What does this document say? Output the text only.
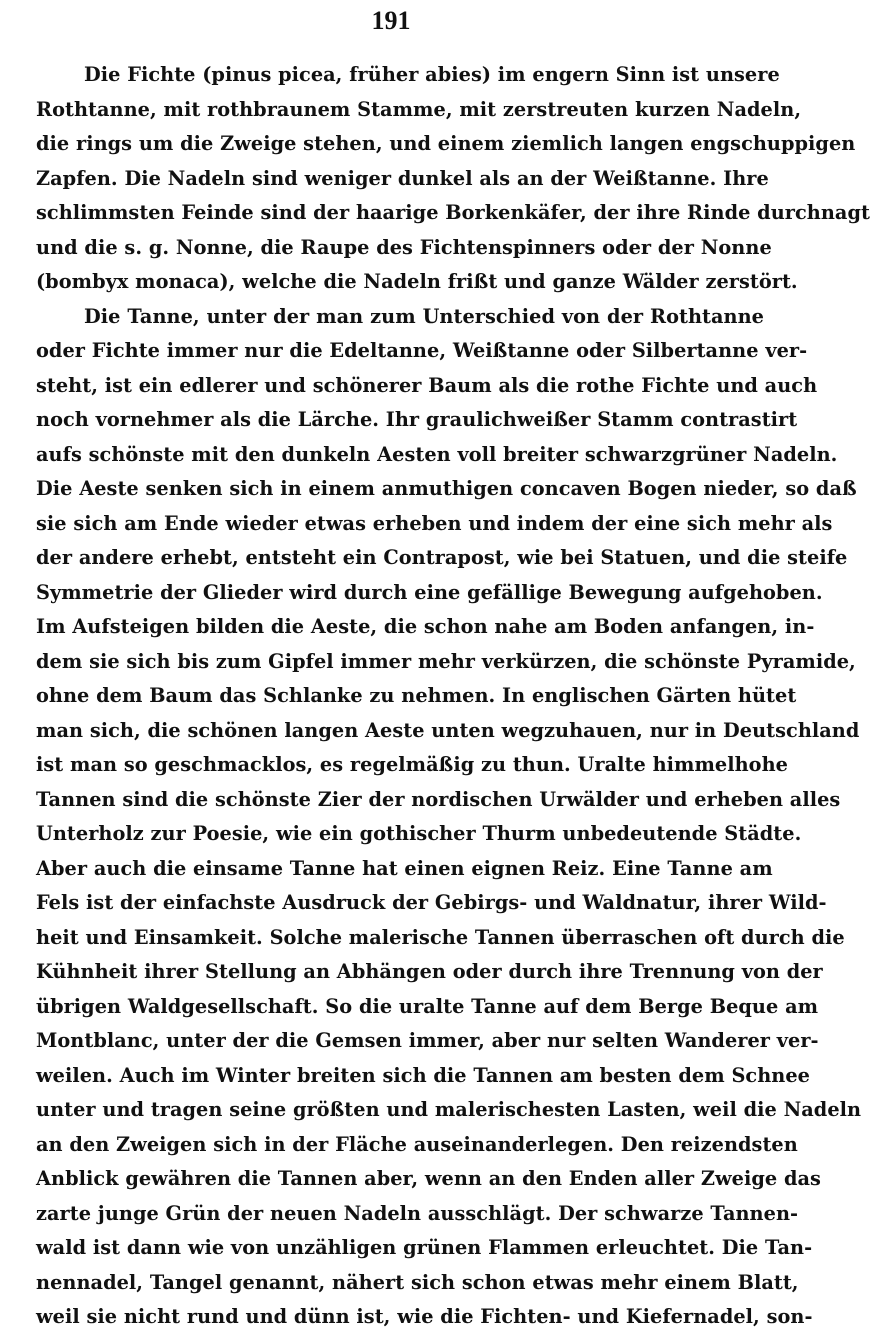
191
Die Fichte (pinus picea, früher abies) im engern Sinn ist unsere
Rothtanne, mit rothbraunem Stamme, mit zerstreuten kurzen Nadeln,
die rings um die Zweige stehen, und einem ziemlich langen engschuppigen
Zapfen. Die Nadeln sind weniger dunkel als an der Weißtanne. Ihre
schlimmsten Feinde sind der haarige Borkenkäfer, der ihre Rinde durchnagt
und die s. g. Nonne, die Raupe des Fichtenspinners oder der Nonne
(bombyx monaca), welche die Nadeln frißt und ganze Wälder zerstört.
Die Tanne, unter der man zum Unterschied von der Rothtanne
oder Fichte immer nur die Edeltanne, Weißtanne oder Silbertanne ver-
steht, ist ein edlerer und schönerer Baum als die rothe Fichte und auch
noch vornehmer als die Lärche. Ihr graulichweißer Stamm contrastirt
aufs schönste mit den dunkeln Aesten voll breiter schwarzgrüner Nadeln.
Die Aeste senken sich in einem anmuthigen concaven Bogen nieder, so daß
sie sich am Ende wieder etwas erheben und indem der eine sich mehr als
der andere erhebt, entsteht ein Contrapost, wie bei Statuen, und die steife
Symmetrie der Glieder wird durch eine gefällige Bewegung aufgehoben.
Im Aufsteigen bilden die Aeste, die schon nahe am Boden anfangen, in-
dem sie sich bis zum Gipfel immer mehr verkürzen, die schönste Pyramide,
ohne dem Baum das Schlanke zu nehmen. In englischen Gärten hütet
man sich, die schönen langen Aeste unten wegzuhauen, nur in Deutschland
ist man so geschmacklos, es regelmäßig zu thun. Uralte himmelhohe
Tannen sind die schönste Zier der nordischen Urwälder und erheben alles
Unterholz zur Poesie, wie ein gothischer Thurm unbedeutende Städte.
Aber auch die einsame Tanne hat einen eignen Reiz. Eine Tanne am
Fels ist der einfachste Ausdruck der Gebirgs- und Waldnatur, ihrer Wild-
heit und Einsamkeit. Solche malerische Tannen überraschen oft durch die
Kühnheit ihrer Stellung an Abhängen oder durch ihre Trennung von der
übrigen Waldgesellschaft. So die uralte Tanne auf dem Berge Beque am
Montblanc, unter der die Gemsen immer, aber nur selten Wanderer ver-
weilen. Auch im Winter breiten sich die Tannen am besten dem Schnee
unter und tragen seine größten und malerischesten Lasten, weil die Nadeln
an den Zweigen sich in der Fläche auseinanderlegen. Den reizendsten
Anblick gewähren die Tannen aber, wenn an den Enden aller Zweige das
zarte junge Grün der neuen Nadeln ausschlägt. Der schwarze Tannen-
wald ist dann wie von unzähligen grünen Flammen erleuchtet. Die Tan-
nennadel, Tangel genannt, nähert sich schon etwas mehr einem Blatt,
weil sie nicht rund und dünn ist, wie die Fichten- und Kiefernadel, son-
